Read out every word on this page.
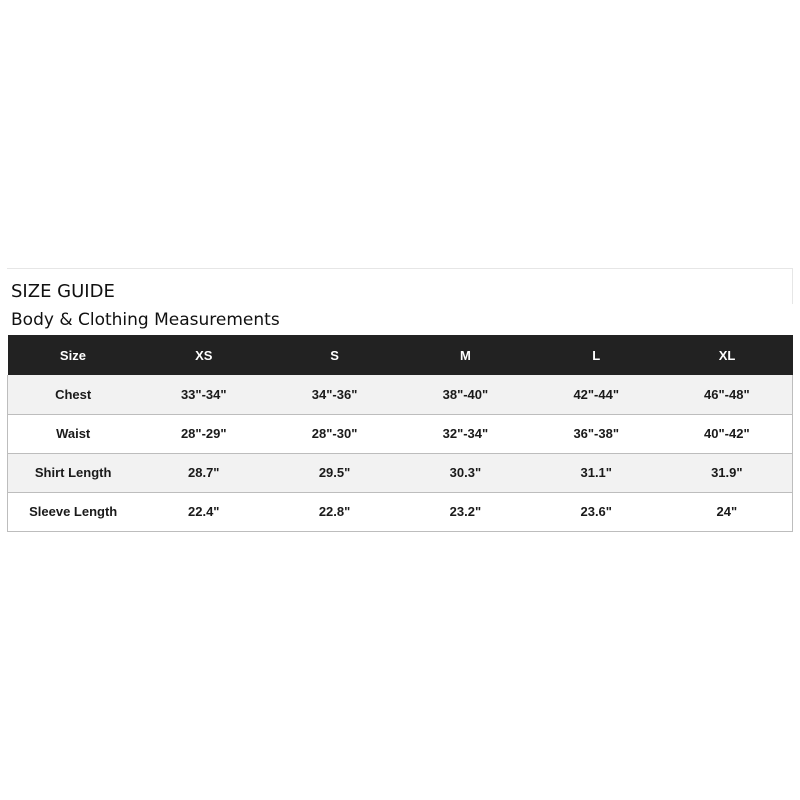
SIZE GUIDE
Body & Clothing Measurements
Size	XS	S	M	L	XL
Chest	33"-34"	34"-36"	38"-40"	42"-44"	46"-48"
Waist	28"-29"	28"-30"	32"-34"	36"-38"	40"-42"
Shirt Length	28.7"	29.5"	30.3"	31.1"	31.9"
Sleeve Length	22.4"	22.8"	23.2"	23.6"	24"
